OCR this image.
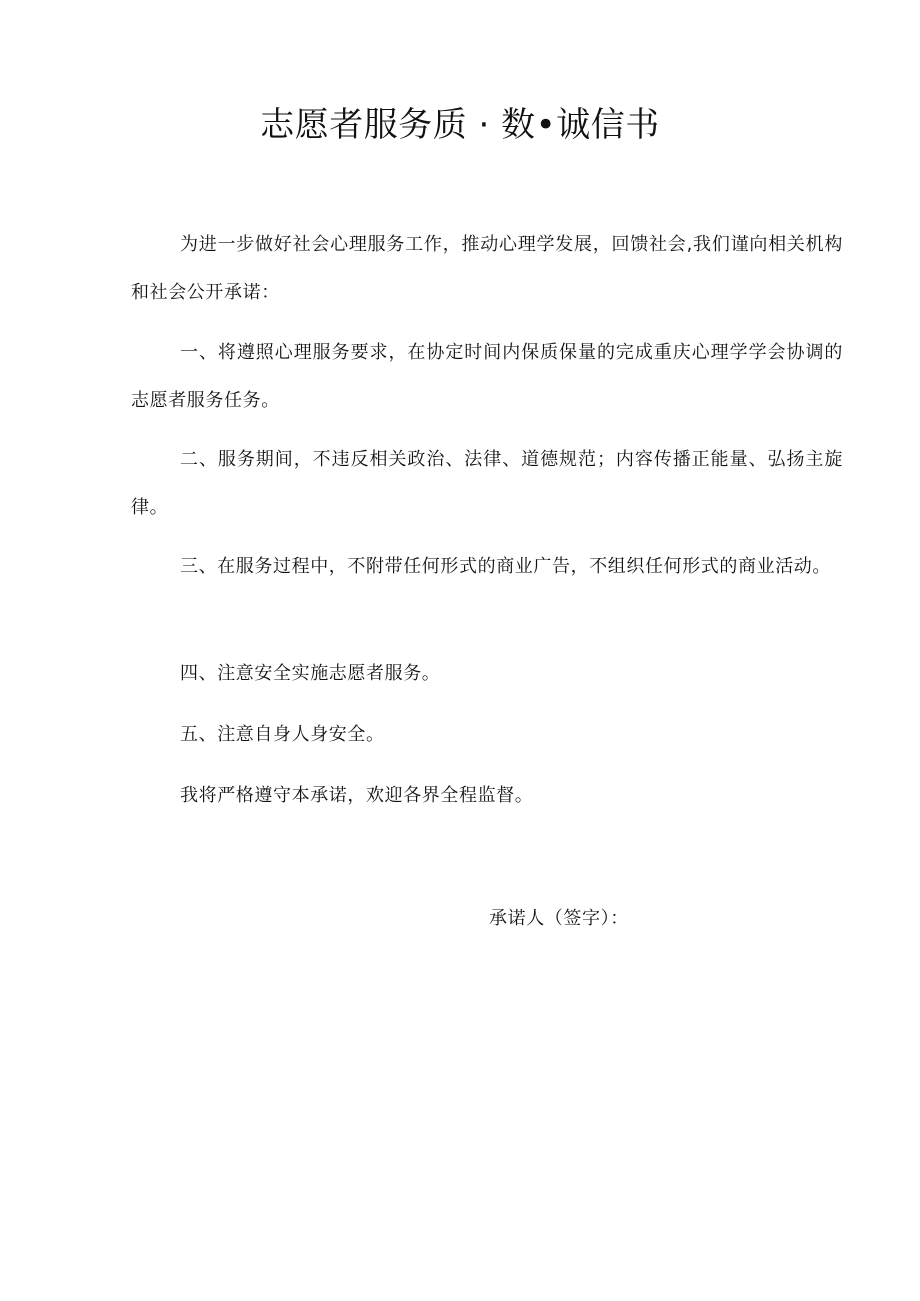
志愿者服务质 · 数•诚信书

为进一步做好社会心理服务工作，推动心理学发展，回馈社会,我们谨向相关机构和社会公开承诺：

一、将遵照心理服务要求，在协定时间内保质保量的完成重庆心理学学会协调的志愿者服务任务。

二、服务期间，不违反相关政治、法律、道德规范；内容传播正能量、弘扬主旋律。

三、在服务过程中，不附带任何形式的商业广告，不组织任何形式的商业活动。

四、注意安全实施志愿者服务。

五、注意自身人身安全。

我将严格遵守本承诺，欢迎各界全程监督。

承诺人（签字）：
